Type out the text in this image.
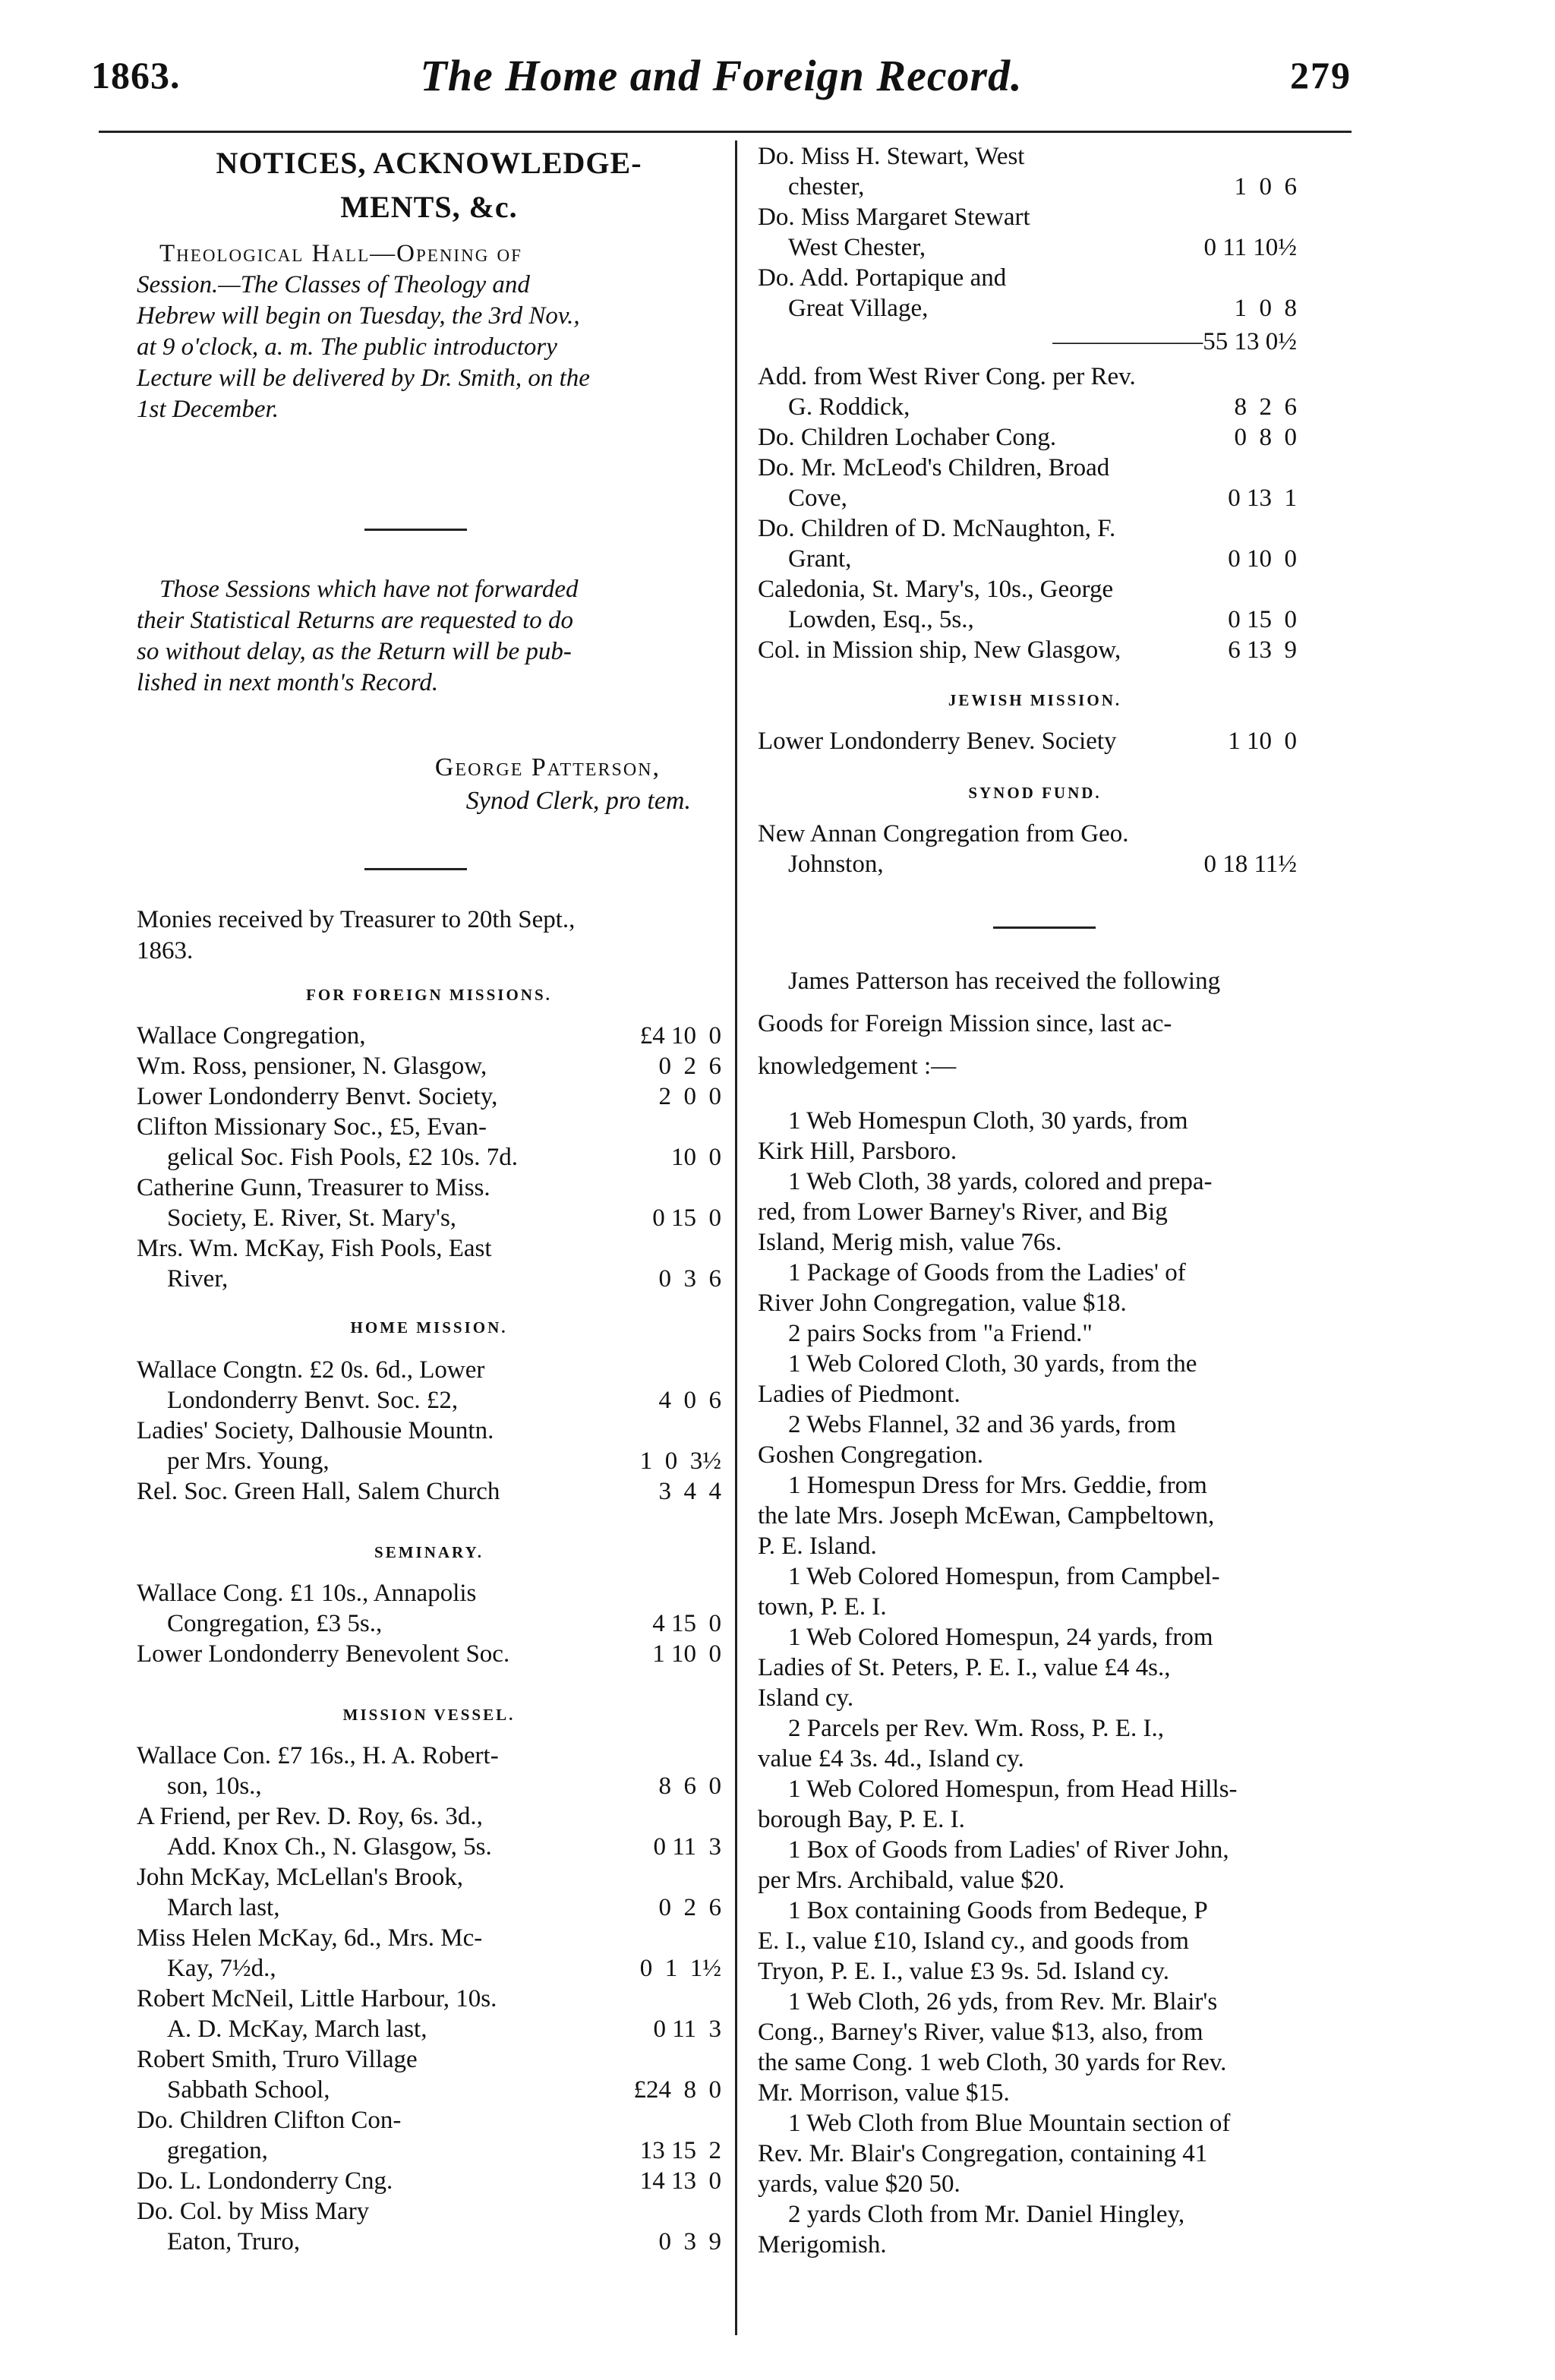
1863.	The Home and Foreign Record.	279
NOTICES, ACKNOWLEDGE-
MENTS, &c.
Theological Hall—Opening of
Session.—The Classes of Theology and
Hebrew will begin on Tuesday, the 3rd Nov.,
at 9 o'clock, a. m. The public introductory
Lecture will be delivered by Dr. Smith, on the
1st December.
Those Sessions which have not forwarded
their Statistical Returns are requested to do
so without delay, as the Return will be pub-
lished in next month's Record.
George Patterson,
Synod Clerk, pro tem.
Monies received by Treasurer to 20th Sept.,
1863.
FOR FOREIGN MISSIONS.
Wallace Congregation,	£4 10  0
Wm. Ross, pensioner, N. Glasgow,	0  2  6
Lower Londonderry Benvt. Society,	2  0  0
Clifton Missionary Soc., £5, Evan-
gelical Soc. Fish Pools, £2 10s. 7d.	10  0
Catherine Gunn, Treasurer to Miss.
Society, E. River, St. Mary's,	0 15  0
Mrs. Wm. McKay, Fish Pools, East
River,	0  3  6
HOME MISSION.
Wallace Congtn. £2 0s. 6d., Lower
Londonderry Benvt. Soc. £2,	4  0  6
Ladies' Society, Dalhousie Mountn.
per Mrs. Young,	1  0  3½
Rel. Soc. Green Hall, Salem Church	3  4  4
SEMINARY.
Wallace Cong. £1 10s., Annapolis
Congregation, £3 5s.,	4 15  0
Lower Londonderry Benevolent Soc.	1 10  0
MISSION VESSEL.
Wallace Con. £7 16s., H. A. Robert-
son, 10s.,	8  6  0
A Friend, per Rev. D. Roy, 6s. 3d.,
Add. Knox Ch., N. Glasgow, 5s.	0 11  3
John McKay, McLellan's Brook,
March last,	0  2  6
Miss Helen McKay, 6d., Mrs. Mc-
Kay, 7½d.,	0  1  1½
Robert McNeil, Little Harbour, 10s.
A. D. McKay, March last,	0 11  3
Robert Smith, Truro Village
Sabbath School,	£24  8  0
Do. Children Clifton Con-
gregation,	13 15  2
Do. L. Londonderry Cng.	14 13  0
Do. Col. by Miss Mary
Eaton, Truro,	0  3  9
Do. Miss H. Stewart, West
chester,	1  0  6
Do. Miss Margaret Stewart
West Chester,	0 11 10½
Do. Add. Portapique and
Great Village,	1  0  8
——————55 13 0½
Add. from West River Cong. per Rev.
G. Roddick,	8  2  6
Do. Children Lochaber Cong.	0  8  0
Do. Mr. McLeod's Children, Broad
Cove,	0 13  1
Do. Children of D. McNaughton, F.
Grant,	0 10  0
Caledonia, St. Mary's, 10s., George
Lowden, Esq., 5s.,	0 15  0
Col. in Mission ship, New Glasgow,	6 13  9
JEWISH MISSION.
Lower Londonderry Benev. Society	1 10  0
SYNOD FUND.
New Annan Congregation from Geo.
Johnston,	0 18 11½

James Patterson has received the following

Goods for Foreign Mission since, last ac-

knowledgement :—

1 Web Homespun Cloth, 30 yards, from

Kirk Hill, Parsboro.

1 Web Cloth, 38 yards, colored and prepa-

red, from Lower Barney's River, and Big

Island, Merig mish, value 76s.

1 Package of Goods from the Ladies' of

River John Congregation, value $18.

2 pairs Socks from "a Friend."

1 Web Colored Cloth, 30 yards, from the

Ladies of Piedmont.

2 Webs Flannel, 32 and 36 yards, from

Goshen Congregation.

1 Homespun Dress for Mrs. Geddie, from

the late Mrs. Joseph McEwan, Campbeltown,

P. E. Island.

1 Web Colored Homespun, from Campbel-

town, P. E. I.

1 Web Colored Homespun, 24 yards, from

Ladies of St. Peters, P. E. I., value £4 4s.,

Island cy.

2 Parcels per Rev. Wm. Ross, P. E. I.,

value £4 3s. 4d., Island cy.

1 Web Colored Homespun, from Head Hills-

borough Bay, P. E. I.

1 Box of Goods from Ladies' of River John,

per Mrs. Archibald, value $20.

1 Box containing Goods from Bedeque, P

E. I., value £10, Island cy., and goods from

Tryon, P. E. I., value £3 9s. 5d. Island cy.

1 Web Cloth, 26 yds, from Rev. Mr. Blair's

Cong., Barney's River, value $13, also, from

the same Cong. 1 web Cloth, 30 yards for Rev.

Mr. Morrison, value $15.

1 Web Cloth from Blue Mountain section of

Rev. Mr. Blair's Congregation, containing 41

yards, value $20 50.

2 yards Cloth from Mr. Daniel Hingley,

Merigomish.
